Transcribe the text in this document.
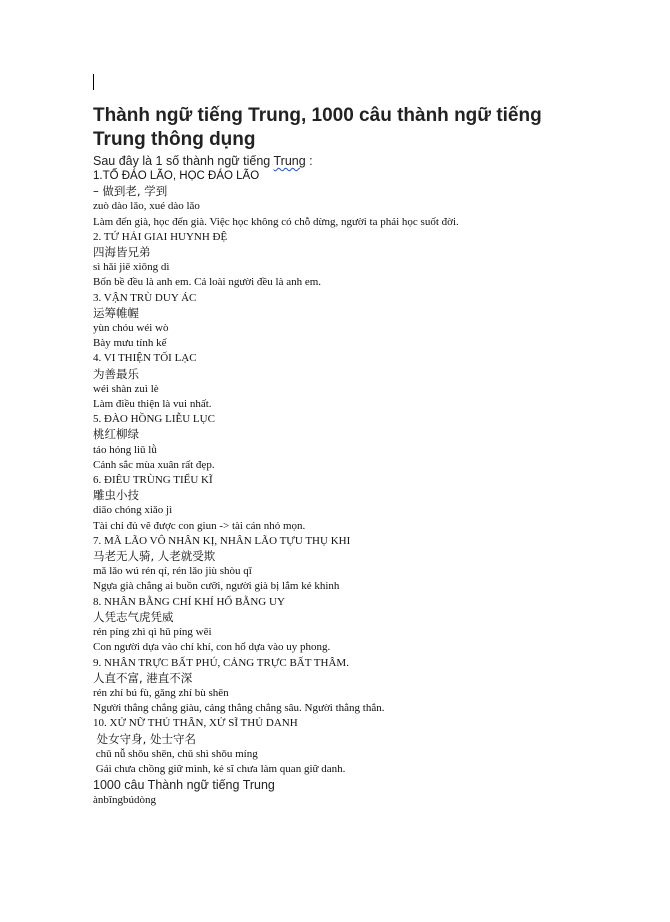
Thành ngữ tiếng Trung, 1000 câu thành ngữ tiếng Trung thông dụng
Sau đây là 1 số thành ngữ tiếng Trung :
1.TỐ ĐÁO LÃO, HỌC ĐÁO LÃO
– 做到老, 学到
zuò dào lǎo, xué dào lǎo
Làm đến già, học đến già. Việc học không có chỗ dừng, người ta phải học suốt đời.
2. TỨ HẢI GIAI HUYNH ĐỆ
四海皆兄弟
sì hǎi jiē xiōng dì
Bốn bề đều là anh em. Cả loài người đều là anh em.
3. VẬN TRÙ DUY ÁC
运筹帷幄
yùn chóu wéi wò
Bày mưu tính kế
4. VI THIỆN TỐI LẠC
为善最乐
wéi shàn zuì lè
Làm điều thiện là vui nhất.
5. ĐÀO HỒNG LIỄU LỤC
桃红柳绿
táo hóng liǔ lǜ
Cảnh sắc mùa xuân rất đẹp.
6. ĐIÊU TRÙNG TIỂU KĨ
雕虫小技
diāo chóng xiǎo jì
Tài chỉ đủ vẽ được con giun -> tài cán nhỏ mọn.
7. MÃ LÃO VÔ NHÂN KỊ, NHÂN LÃO TỰU THỤ KHI
马老无人骑, 人老就受欺
mǎ lǎo wú rén qí, rén lǎo jiù shòu qī
Ngựa già chẳng ai buồn cưỡi, người già bị lắm kẻ khinh
8. NHÂN BẰNG CHÍ KHÍ HỔ BẰNG UY
人凭志气虎凭威
rén píng zhì qì hǔ píng wēi
Con người dựa vào chí khí, con hổ dựa vào uy phong.
9. NHÂN TRỰC BẤT PHÚ, CẢNG TRỰC BẤT THÂM.
人直不富, 港直不深
rén zhí bú fù, gǎng zhí bù shēn
Người thẳng chẳng giàu, cảng thẳng chẳng sâu. Người thẳng thắn.
10. XỬ NỮ THỦ THÂN, XỬ SĨ THỦ DANH
处女守身, 处士守名
chǔ nǚ shǒu shēn, chǔ shì shǒu míng
Gái chưa chồng giữ mình, kẻ sĩ chưa làm quan giữ danh.
1000 câu Thành ngữ tiếng Trung
ànbīngbúdòng
